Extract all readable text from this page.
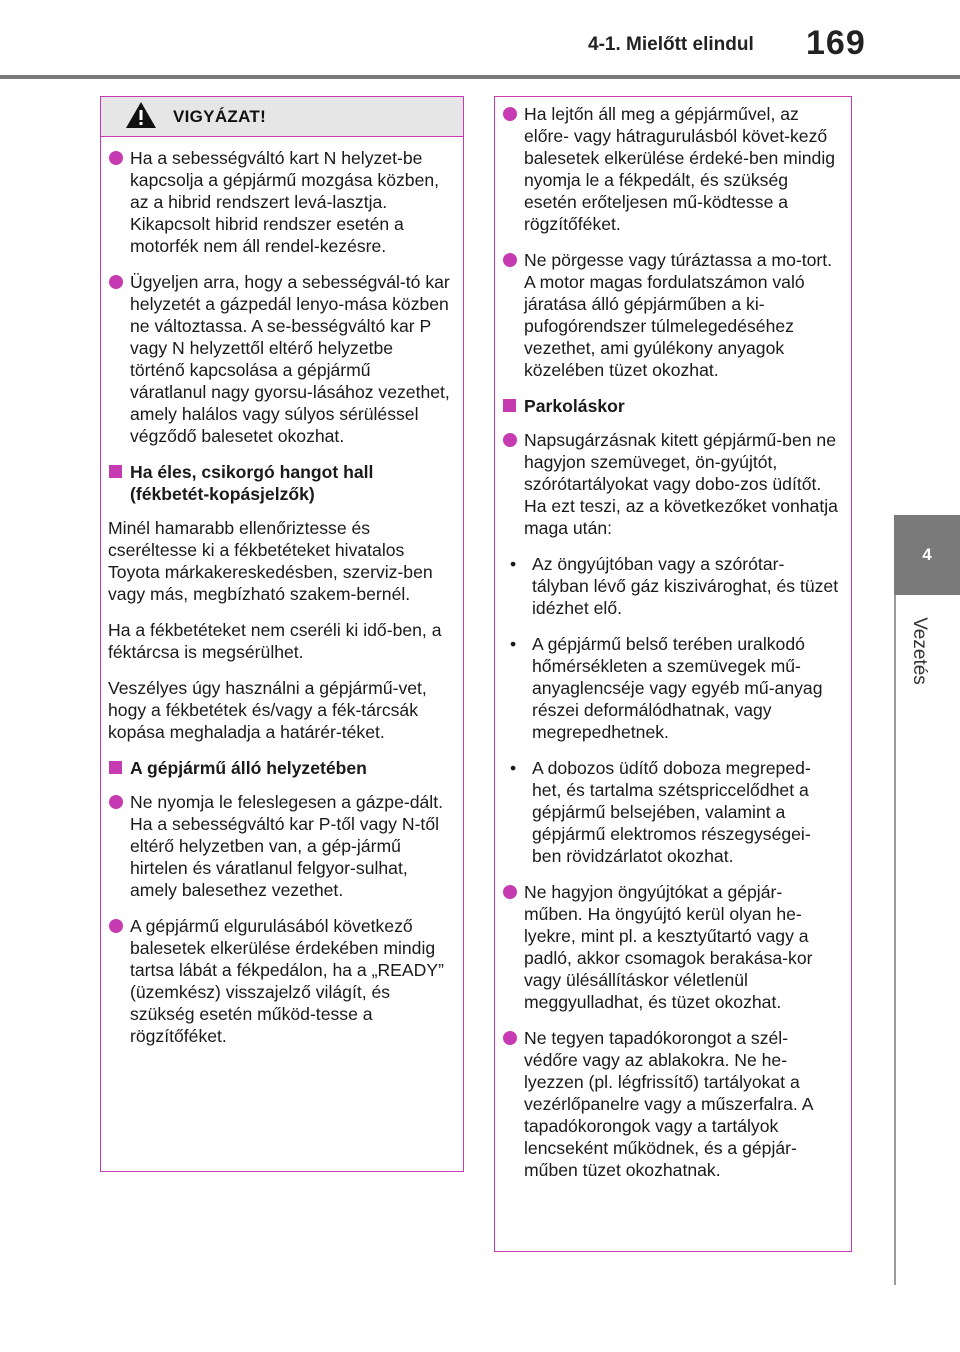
4-1. Mielőtt elindul 169
4
Vezetés
VIGYÁZAT!
Ha a sebességváltó kart N helyzet-be kapcsolja a gépjármű mozgása közben, az a hibrid rendszert levá-lasztja. Kikapcsolt hibrid rendszer esetén a motorfék nem áll rendel-kezésre.
Ügyeljen arra, hogy a sebességvál-tó kar helyzetét a gázpedál lenyo-mása közben ne változtassa. A se-bességváltó kar P vagy N helyzettől eltérő helyzetbe történő kapcsolása a gépjármű váratlanul nagy gyorsu-lásához vezethet, amely halálos vagy súlyos sérüléssel végződő balesetet okozhat.
Ha éles, csikorgó hangot hall (fékbetét-kopásjelzők)
Minél hamarabb ellenőriztesse és cseréltesse ki a fékbetéteket hivatalos Toyota márkakereskedésben, szerviz-ben vagy más, megbízható szakem-bernél.
Ha a fékbetéteket nem cseréli ki idő-ben, a féktárcsa is megsérülhet.
Veszélyes úgy használni a gépjármű-vet, hogy a fékbetétek és/vagy a fék-tárcsák kopása meghaladja a határér-téket.
A gépjármű álló helyzetében
Ne nyomja le feleslegesen a gázpe-dált.
Ha a sebességváltó kar P-től vagy N-től eltérő helyzetben van, a gép-jármű hirtelen és váratlanul felgyor-sulhat, amely balesethez vezethet.
A gépjármű elgurulásából következő balesetek elkerülése érdekében mindig tartsa lábát a fékpedálon, ha a „READY” (üzemkész) visszajelző világít, és szükség esetén működ-tesse a rögzítőféket.
Ha lejtőn áll meg a gépjárművel, az előre- vagy hátragurulásból követ-kező balesetek elkerülése érdeké-ben mindig nyomja le a fékpedált, és szükség esetén erőteljesen mű-ködtesse a rögzítőféket.
Ne pörgesse vagy túráztassa a mo-tort.
A motor magas fordulatszámon való járatása álló gépjárműben a ki-pufogórendszer túlmelegedéséhez vezethet, ami gyúlékony anyagok közelében tüzet okozhat.
Parkoláskor
Napsugárzásnak kitett gépjármű-ben ne hagyjon szemüveget, ön-gyújtót, szórótartályokat vagy dobo-zos üdítőt.
Ha ezt teszi, az a következőket vonhatja maga után:
• Az öngyújtóban vagy a szórótar-tályban lévő gáz kiszivároghat, és tüzet idézhet elő.
• A gépjármű belső terében uralkodó hőmérsékleten a szemüvegek mű-anyaglencséje vagy egyéb mű-anyag részei deformálódhatnak, vagy megrepedhetnek.
• A dobozos üdítő doboza megreped-het, és tartalma szétspriccelődhet a gépjármű belsejében, valamint a gépjármű elektromos részegységei-ben rövidzárlatot okozhat.
Ne hagyjon öngyújtókat a gépjár-műben. Ha öngyújtó kerül olyan he-lyekre, mint pl. a kesztyűtartó vagy a padló, akkor csomagok berakása-kor vagy ülésállításkor véletlenül meggyulladhat, és tüzet okozhat.
Ne tegyen tapadókorongot a szél-védőre vagy az ablakokra. Ne he-lyezzen (pl. légfrissítő) tartályokat a vezérlőpanelre vagy a műszerfalra. A tapadókorongok vagy a tartályok lencseként működnek, és a gépjár-műben tüzet okozhatnak.
